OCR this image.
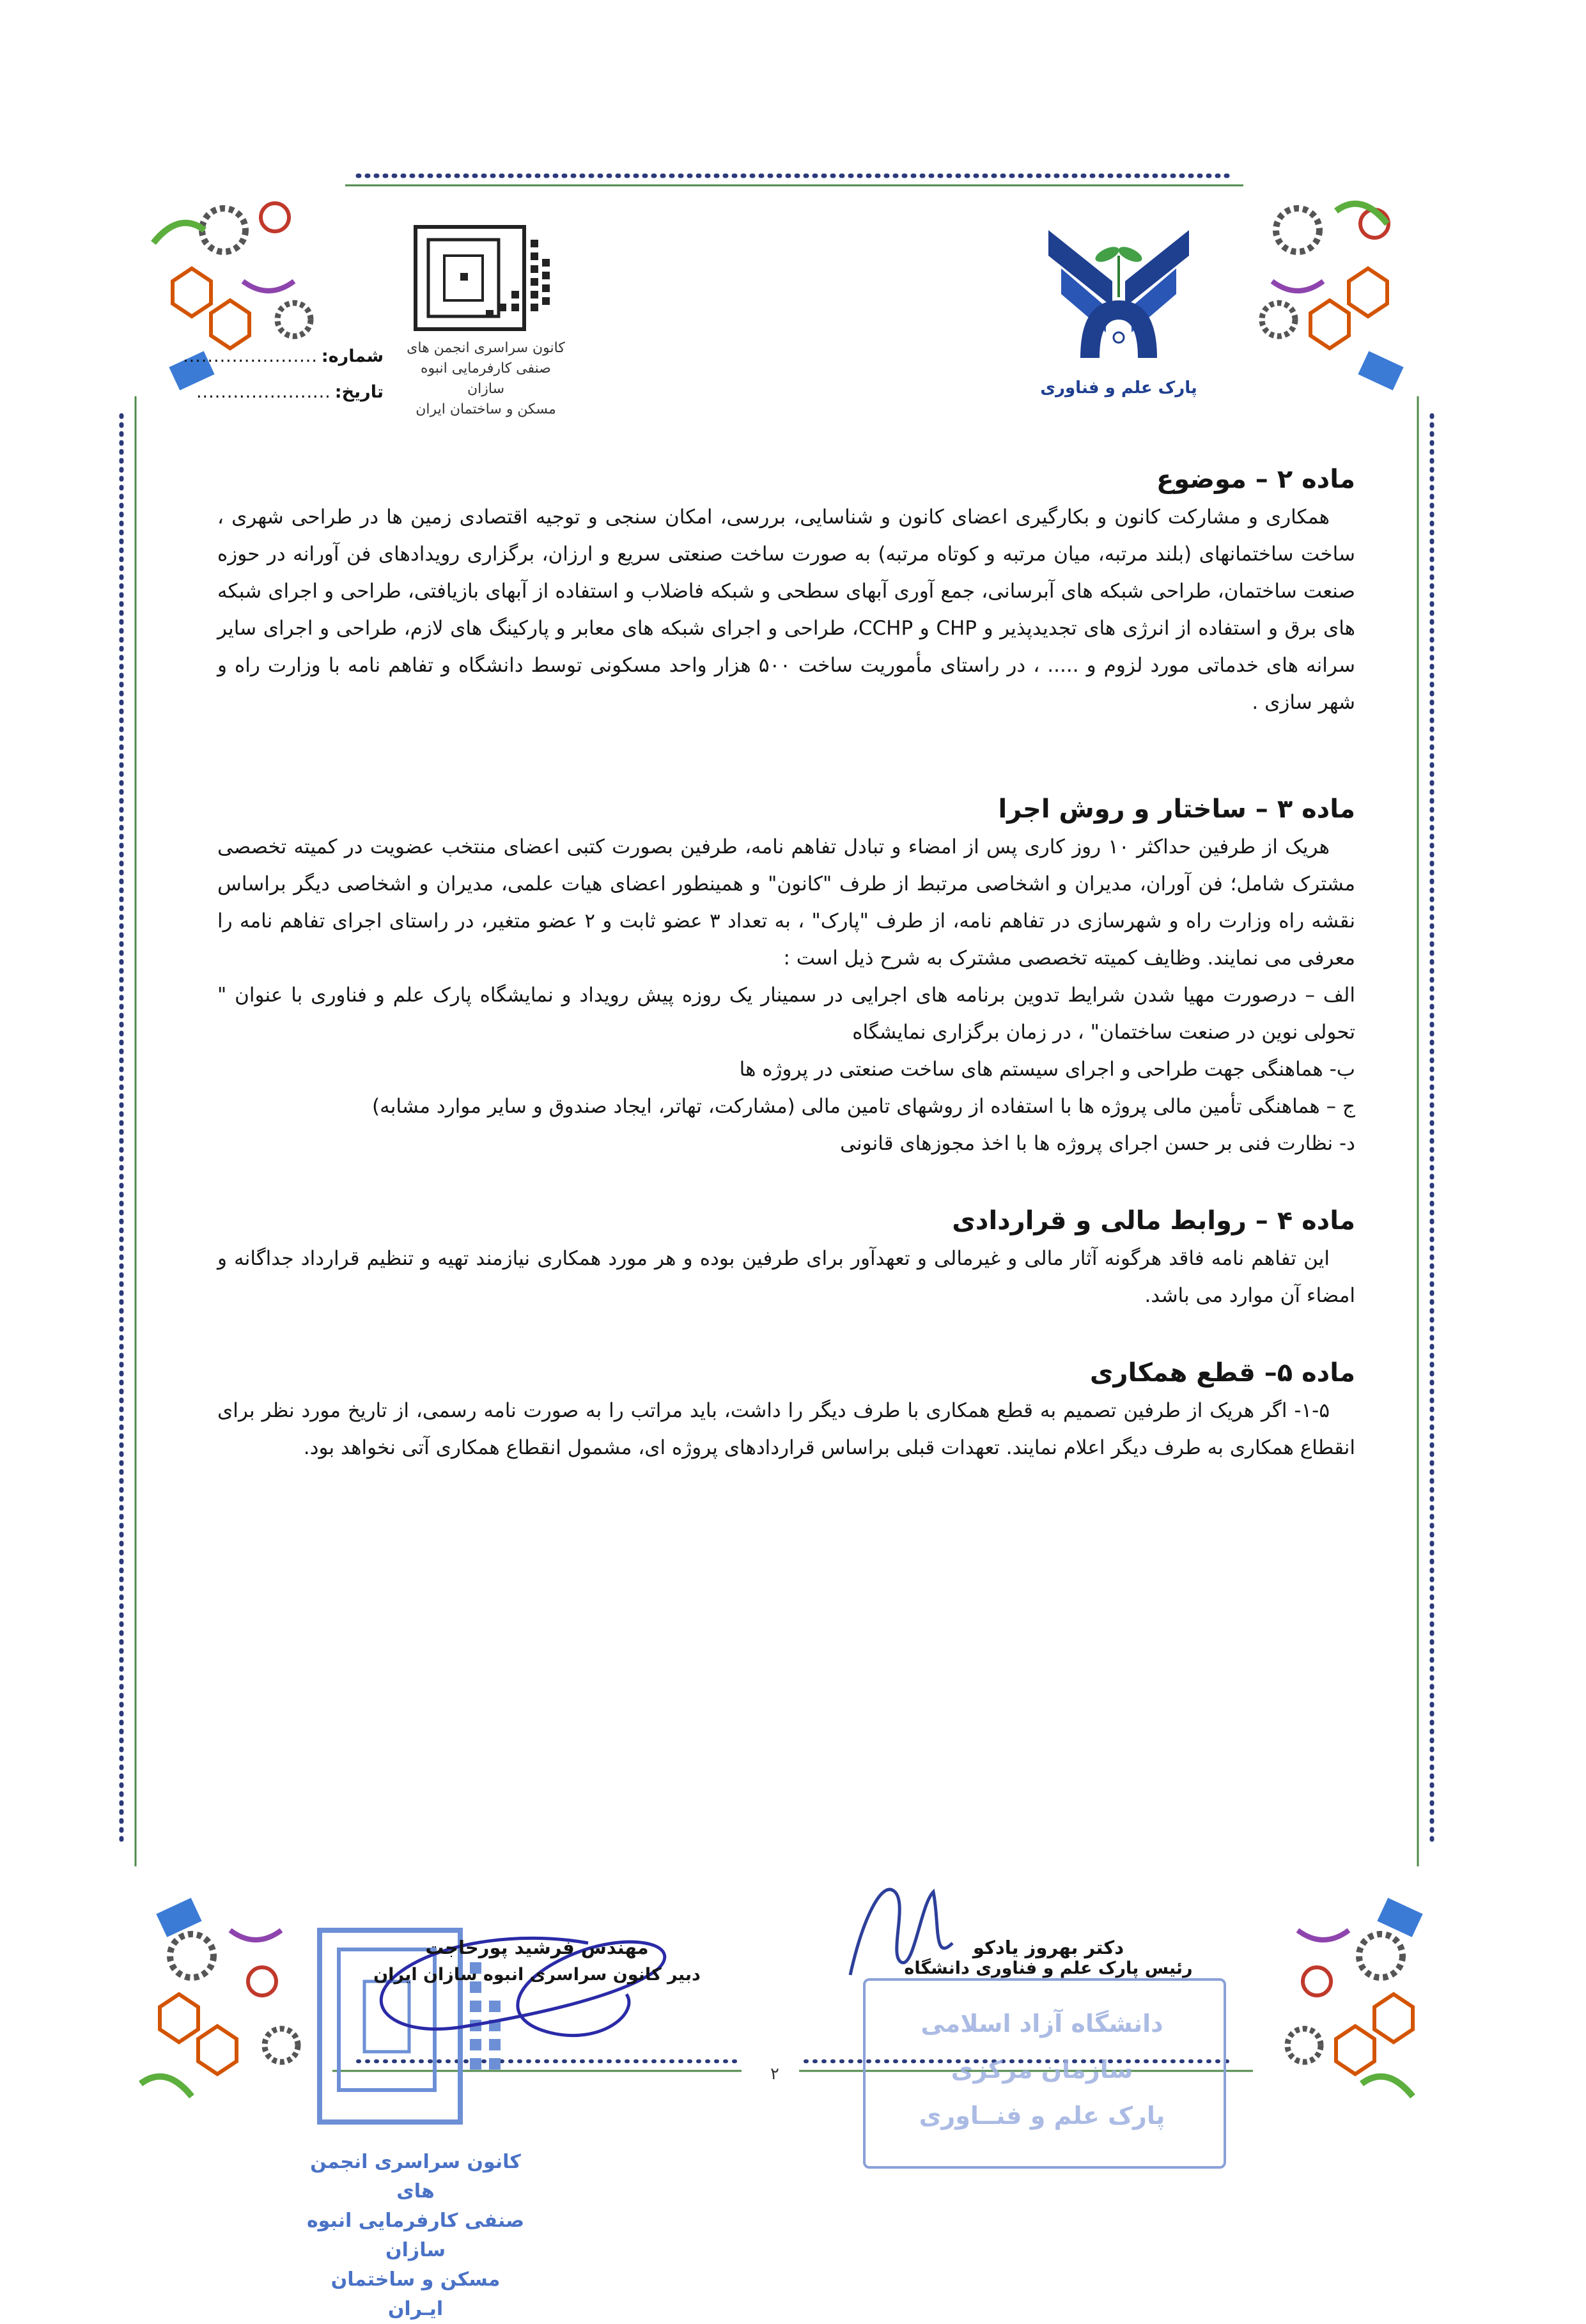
پارک علم و فناوری
کانون سراسری انجمن های
صنفی کارفرمایی انبوه سازان
مسکن و ساختمان ایران
شماره:
......................
تاریخ:
......................

ماده ۲ – موضوع

همکاری و مشارکت کانون و بکارگیری اعضای کانون و شناسایی، بررسی، امکان سنجی و توجیه اقتصادی زمین ها در طراحی شهری ، ساخت ساختمانهای (بلند مرتبه، میان مرتبه و کوتاه مرتبه) به صورت ساخت صنعتی سریع و ارزان، برگزاری رویدادهای فن آورانه در حوزه صنعت ساختمان، طراحی شبکه های آبرسانی، جمع آوری آبهای سطحی و شبکه فاضلاب و استفاده از آبهای بازیافتی، طراحی و اجرای شبکه های برق و استفاده از انرژی های تجدیدپذیر و CHP و CCHP، طراحی و اجرای شبکه های معابر و پارکینگ های لازم، طراحی و اجرای سایر سرانه های خدماتی مورد لزوم و ..... ، در راستای مأموریت ساخت ۵۰۰ هزار واحد مسکونی توسط دانشگاه و تفاهم نامه با وزارت راه و شهر سازی .

ماده ۳ – ساختار و روش اجرا

هریک از طرفین حداکثر ۱۰ روز کاری پس از امضاء و تبادل تفاهم نامه، طرفین بصورت کتبی اعضای منتخب عضویت در کمیته تخصصی مشترک شامل؛ فن آوران، مدیران و اشخاصی مرتبط از طرف "کانون" و همینطور اعضای هیات علمی، مدیران و اشخاصی دیگر براساس نقشه راه وزارت راه و شهرسازی در تفاهم نامه، از طرف "پارک" ، به تعداد ۳ عضو ثابت و ۲ عضو متغیر، در راستای اجرای تفاهم نامه را معرفی می نمایند. وظایف کمیته تخصصی مشترک به شرح ذیل است :

الف – درصورت مهیا شدن شرایط تدوین برنامه های اجرایی در سمینار یک روزه پیش رویداد و نمایشگاه پارک علم و فناوری با عنوان " تحولی نوین در صنعت ساختمان" ، در زمان برگزاری نمایشگاه

ب- هماهنگی جهت طراحی و اجرای سیستم های ساخت صنعتی در پروژه ها

ج – هماهنگی تأمین مالی پروژه ها با استفاده از روشهای تامین مالی (مشارکت، تهاتر، ایجاد صندوق و سایر موارد مشابه)

د- نظارت فنی بر حسن اجرای پروژه ها با اخذ مجوزهای قانونی

ماده ۴ – روابط مالی و قراردادی

این تفاهم نامه فاقد هرگونه آثار مالی و غیرمالی و تعهدآور برای طرفین بوده و هر مورد همکاری نیازمند تهیه و تنظیم قرارداد جداگانه و امضاء آن موارد می باشد.

ماده ۵– قطع همکاری

۱-۵- اگر هریک از طرفین تصمیم به قطع همکاری با طرف دیگر را داشت، باید مراتب را به صورت نامه رسمی، از تاریخ مورد نظر برای انقطاع همکاری به طرف دیگر اعلام نمایند. تعهدات قبلی براساس قراردادهای پروژه ای، مشمول انقطاع همکاری آتی نخواهد بود.

دانشگاه آزاد اسلامی
سازمان مرکزی
پارک علم و فنــاوری
کانون سراسری انجمن های
صنفی کارفرمایی انبوه سازان
مسکن و ساختمان ایـران
دکتر بهروز یادکو
رئیس پارک علم و فناوری دانشگاه
مهندس فرشید پورحاجت
دبیر کانون سراسری انبوه سازان ایران
۲
